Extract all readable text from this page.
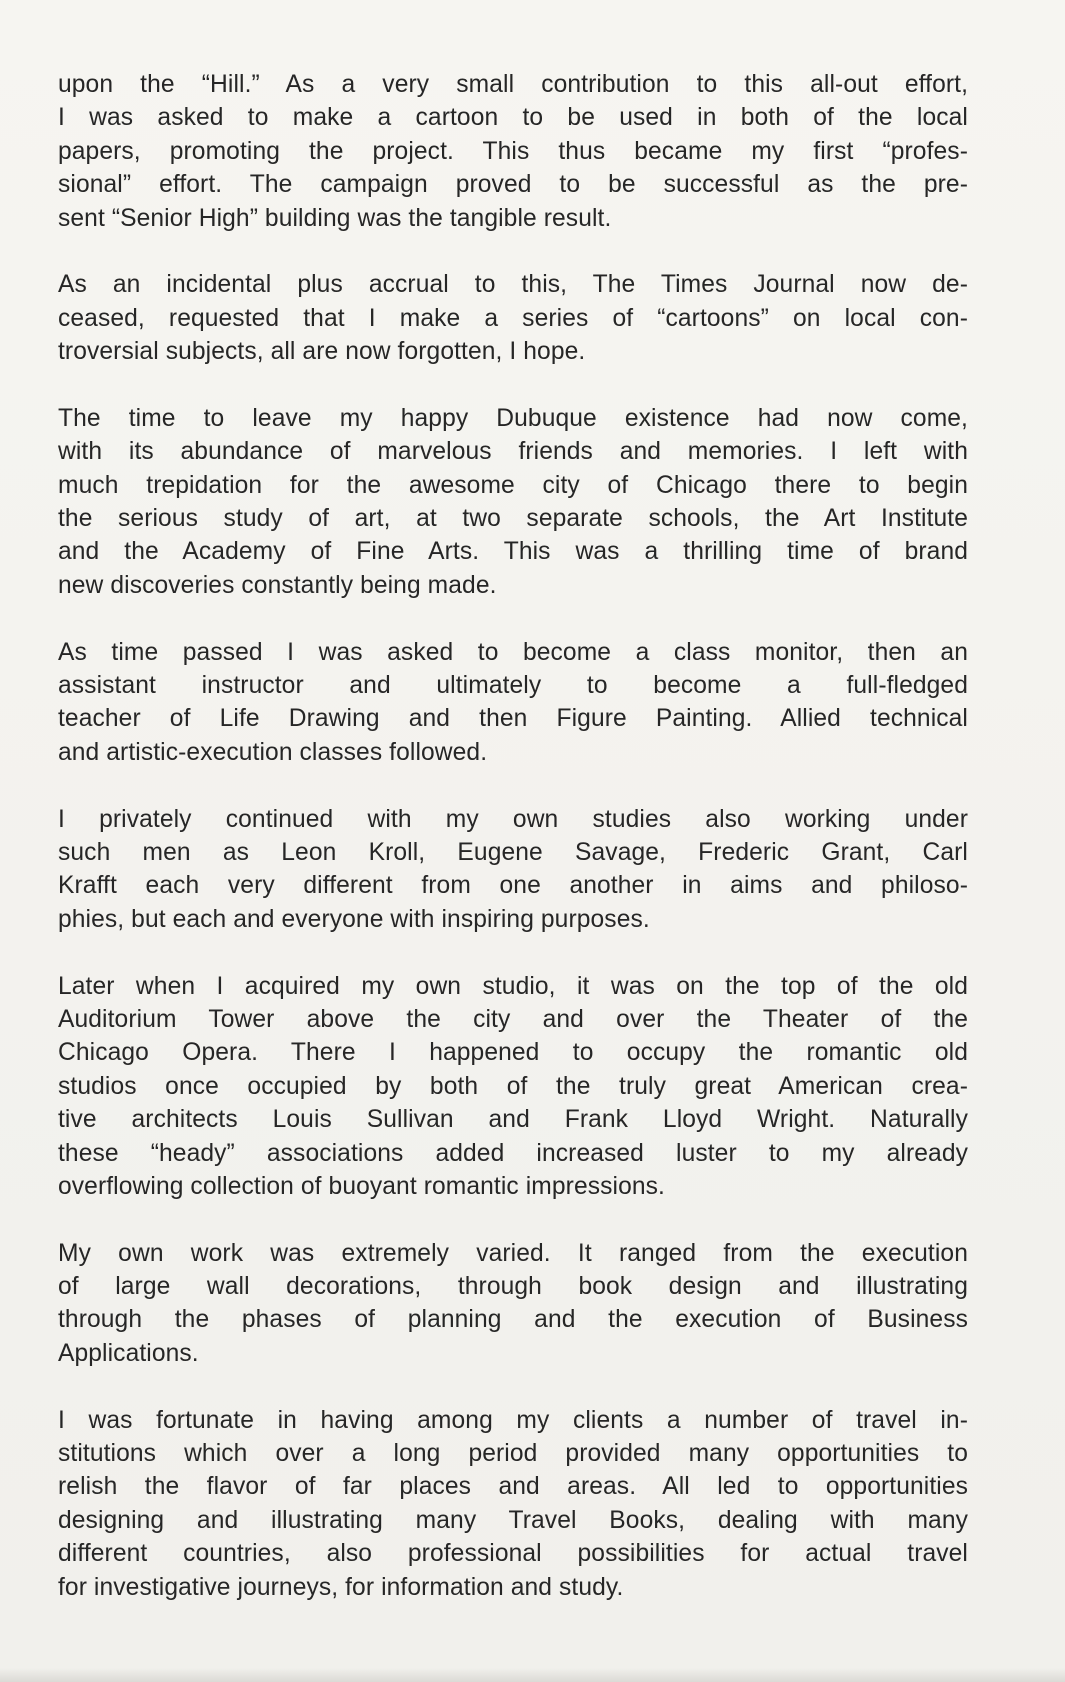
upon the “Hill.” As a very small contribution to this all-out effort,
I was asked to make a cartoon to be used in both of the local
papers, promoting the project. This thus became my first “profes-
sional” effort. The campaign proved to be successful as the pre-
sent “Senior High” building was the tangible result.

As an incidental plus accrual to this, The Times Journal now de-
ceased, requested that I make a series of “cartoons” on local con-
troversial subjects, all are now forgotten, I hope.

The time to leave my happy Dubuque existence had now come,
with its abundance of marvelous friends and memories. I left with
much trepidation for the awesome city of Chicago there to begin
the serious study of art, at two separate schools, the Art Institute
and the Academy of Fine Arts. This was a thrilling time of brand
new discoveries constantly being made.

As time passed I was asked to become a class monitor, then an
assistant instructor and ultimately to become a full-fledged
teacher of Life Drawing and then Figure Painting. Allied technical
and artistic-execution classes followed.

I privately continued with my own studies also working under
such men as Leon Kroll, Eugene Savage, Frederic Grant, Carl
Krafft each very different from one another in aims and philoso-
phies, but each and everyone with inspiring purposes.

Later when I acquired my own studio, it was on the top of the old
Auditorium Tower above the city and over the Theater of the
Chicago Opera. There I happened to occupy the romantic old
studios once occupied by both of the truly great American crea-
tive architects Louis Sullivan and Frank Lloyd Wright. Naturally
these “heady” associations added increased luster to my already
overflowing collection of buoyant romantic impressions.

My own work was extremely varied. It ranged from the execution
of large wall decorations, through book design and illustrating
through the phases of planning and the execution of Business
Applications.

I was fortunate in having among my clients a number of travel in-
stitutions which over a long period provided many opportunities to
relish the flavor of far places and areas. All led to opportunities
designing and illustrating many Travel Books, dealing with many
different countries, also professional possibilities for actual travel
for investigative journeys, for information and study.
